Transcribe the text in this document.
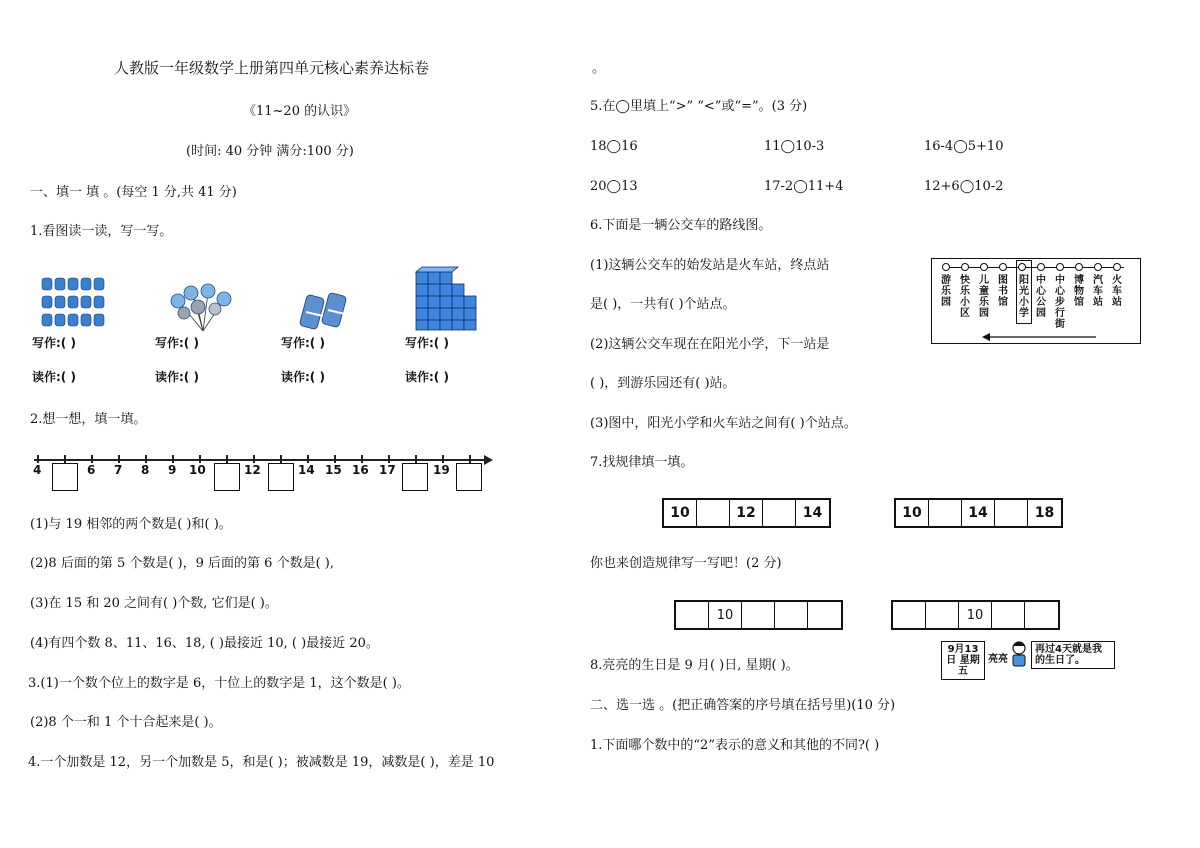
人教版一年级数学上册第四单元核心素养达标卷
《11~20 的认识》
(时间: 40 分钟 满分:100 分)
一、填一 填 。(每空 1 分,共 41 分)
1.看图读一读，写一写。
写作:( )	写作:( )	写作:( )	写作:( )
读作:( )	读作:( )	读作:( )	读作:( )
2.想一想，填一填。
4	6 7 8 9 10	12	14 15 16 17	19
(1)与 19 相邻的两个数是( )和( )。
(2)8 后面的第 5 个数是( )，9 后面的第 6 个数是( ),
(3)在 15 和 20 之间有( )个数, 它们是( )。
(4)有四个数 8、11、16、18, ( )最接近 10, ( )最接近 20。
3.(1)一个数个位上的数字是 6，十位上的数字是 1，这个数是( )。
(2)8 个一和 1 个十合起来是( )。
4.一个加数是 12，另一个加数是 5，和是( )；被减数是 19，减数是( )，差是 10
。
5.在◯里填上“>” “<”或“=”。(3 分)
18◯16	11◯10-3	16-4◯5+10
20◯13	17-2◯11+4	12+6◯10-2
6.下面是一辆公交车的路线图。
(1)这辆公交车的始发站是火车站，终点站
是( )，一共有( )个站点。
(2)这辆公交车现在在阳光小学，下一站是
( )，到游乐园还有( )站。
(3)图中，阳光小学和火车站之间有( )个站点。
游乐园
快乐小区
儿童乐园
图书馆
阳光小学
中心公园
中心步行街
博物馆
汽车站
火车站
7.找规律填一填。
10	12	14	10	14	18
你也来创造规律写一写吧！(2 分)
10	10
8.亮亮的生日是 9 月( )日, 星期( )。
9月13日 星期五
亮亮
再过4天就是我的生日了。
二、选一选 。(把正确答案的序号填在括号里)(10 分)
1.下面哪个数中的“2”表示的意义和其他的不同?( )
